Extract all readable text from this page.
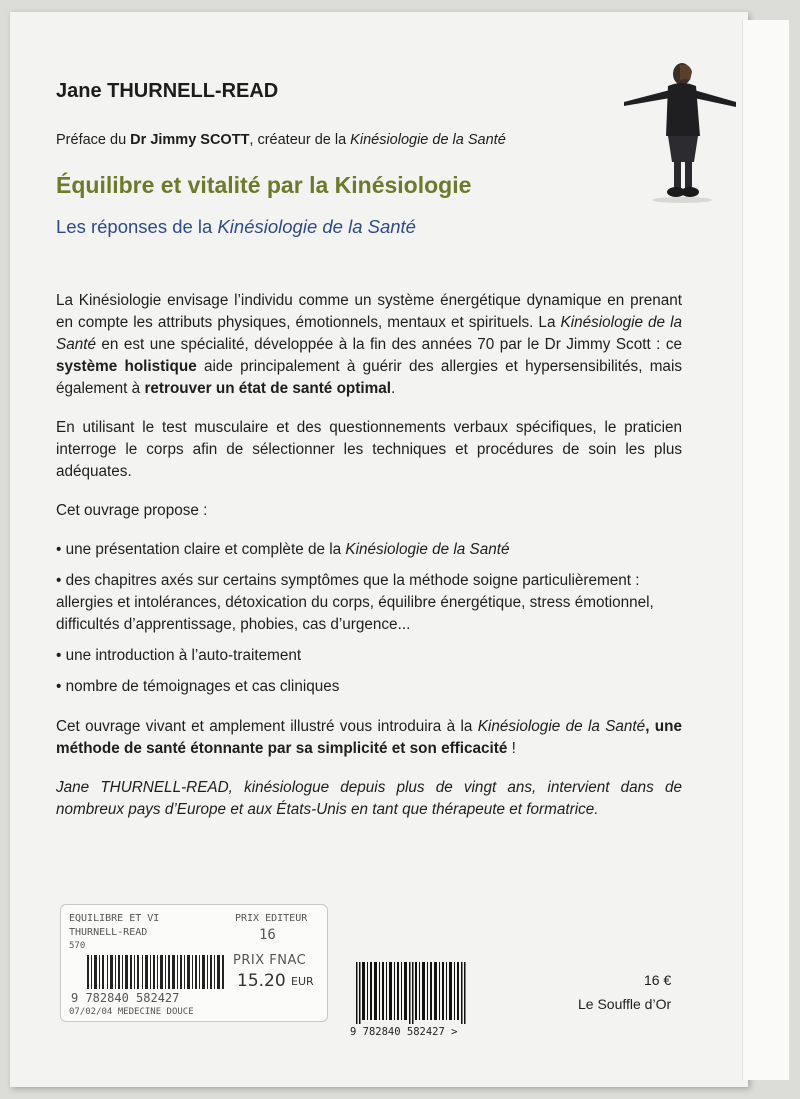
Jane THURNELL-READ
Préface du Dr Jimmy SCOTT, créateur de la Kinésiologie de la Santé
Équilibre et vitalité par la Kinésiologie
Les réponses de la Kinésiologie de la Santé

La Kinésiologie envisage l’individu comme un système énergétique dynamique en prenant en compte les attributs physiques, émotionnels, mentaux et spirituels. La Kinésiologie de la Santé en est une spécialité, développée à la fin des années 70 par le Dr Jimmy Scott : ce système holistique aide principalement à guérir des allergies et hypersensibilités, mais également à retrouver un état de santé optimal.

En utilisant le test musculaire et des questionnements verbaux spécifiques, le praticien interroge le corps afin de sélectionner les techniques et procédures de soin les plus adéquates.

Cet ouvrage propose :

• une présentation claire et complète de la Kinésiologie de la Santé
• des chapitres axés sur certains symptômes que la méthode soigne particulièrement : allergies et intolérances, détoxication du corps, équilibre énergétique, stress émotionnel, difficultés d’apprentissage, phobies, cas d’urgence...
• une introduction à l’auto-traitement
• nombre de témoignages et cas cliniques

Cet ouvrage vivant et amplement illustré vous introduira à la Kinésiologie de la Santé, une méthode de santé étonnante par sa simplicité et son efficacité !

Jane THURNELL-READ, kinésiologue depuis plus de vingt ans, intervient dans de nombreux pays d’Europe et aux États-Unis en tant que thérapeute et formatrice.

EQUILIBRE ET VI
THURNELL-READ
570
PRIX EDITEUR
16
9 782840 582427
PRIX FNAC
15.20 EUR
07/02/04 MEDECINE DOUCE
9 782840 582427 >
16 €
Le Souffle d’Or
